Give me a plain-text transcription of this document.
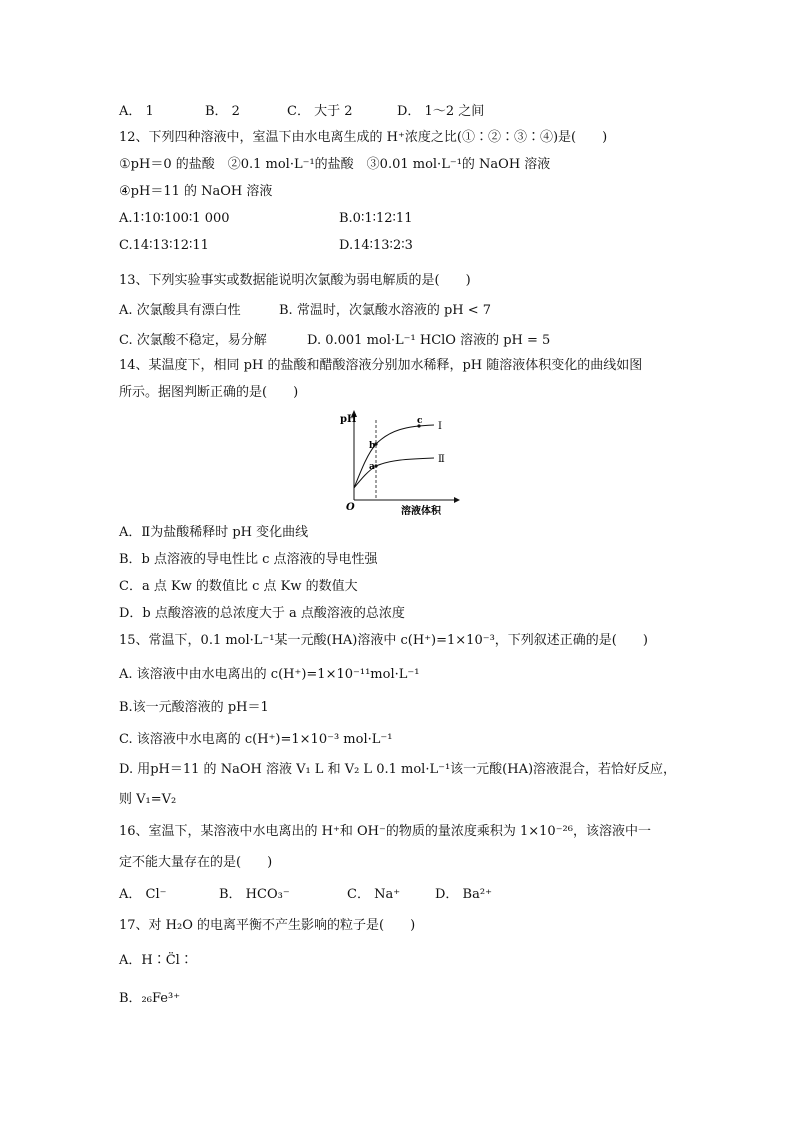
A． 1	B． 2	C． 大于 2	D． 1～2 之间
12、下列四种溶液中，室温下由水电离生成的 H⁺浓度之比(①∶②∶③∶④)是(　　)
①pH＝0 的盐酸　②0.1 mol·L⁻¹的盐酸　③0.01 mol·L⁻¹的 NaOH 溶液
④pH＝11 的 NaOH 溶液
A.1∶10∶100∶1 000	B.0∶1∶12∶11
C.14∶13∶12∶11	D.14∶13∶2∶3
13、下列实验事实或数据能说明次氯酸为弱电解质的是(　　)
A. 次氯酸具有漂白性	B. 常温时，次氯酸水溶液的 pH < 7
C. 次氯酸不稳定，易分解	D. 0.001 mol·L⁻¹ HClO 溶液的 pH = 5
14、某温度下，相同 pH 的盐酸和醋酸溶液分别加水稀释，pH 随溶液体积变化的曲线如图
所示。据图判断正确的是(　　)
pH
溶液体积
O
Ⅰ
Ⅱ
b
a
c
A．Ⅱ为盐酸稀释时 pH 变化曲线
B．b 点溶液的导电性比 c 点溶液的导电性强
C．a 点 Kw 的数值比 c 点 Kw 的数值大
D．b 点酸溶液的总浓度大于 a 点酸溶液的总浓度
15、常温下，0.1 mol·L⁻¹某一元酸(HA)溶液中 c(H⁺)=1×10⁻³，下列叙述正确的是(　　)
A. 该溶液中由水电离出的 c(H⁺)=1×10⁻¹¹mol·L⁻¹
B.该一元酸溶液的 pH＝1
C. 该溶液中水电离的 c(H⁺)=1×10⁻³ mol·L⁻¹
D. 用pH＝11 的 NaOH 溶液 V₁ L 和 V₂ L 0.1 mol·L⁻¹该一元酸(HA)溶液混合，若恰好反应，
则 V₁=V₂
16、室温下，某溶液中水电离出的 H⁺和 OH⁻的物质的量浓度乘积为 1×10⁻²⁶，该溶液中一
定不能大量存在的是(　　)
A． Cl⁻	B． HCO₃⁻	C． Na⁺	D． Ba²⁺
17、对 H₂O 的电离平衡不产生影响的粒子是(　　)
A．H∶C̈l∶
B．₂₆Fe³⁺
